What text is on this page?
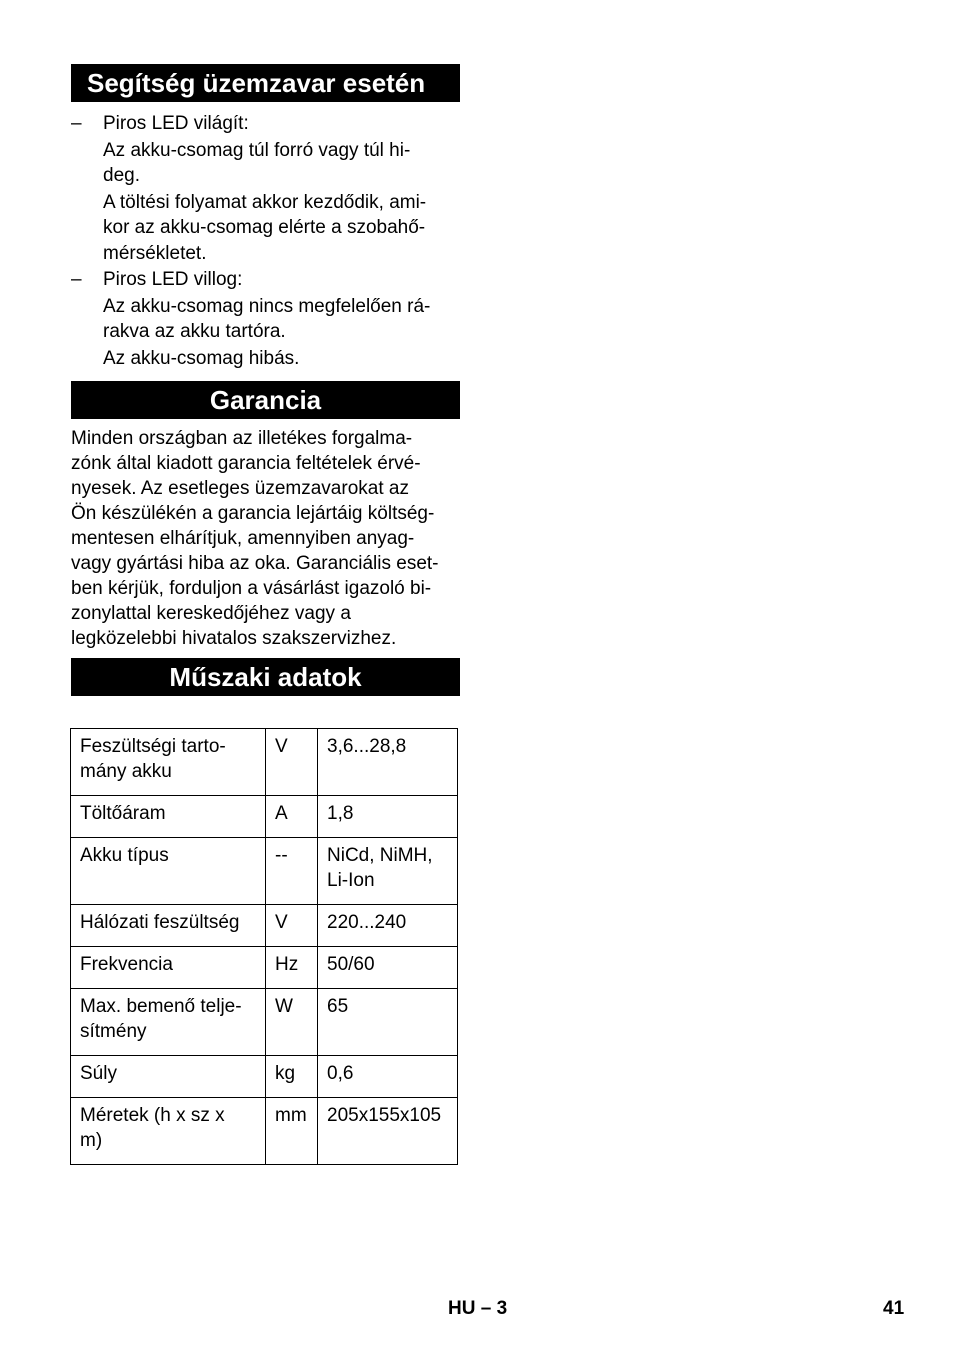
Segítség üzemzavar esetén
– Piros LED világít:
Az akku-csomag túl forró vagy túl hi-
deg.
A töltési folyamat akkor kezdődik, ami-
kor az akku-csomag elérte a szobahő-
mérsékletet.
– Piros LED villog:
Az akku-csomag nincs megfelelően rá-
rakva az akku tartóra.
Az akku-csomag hibás.
Garancia
Minden országban az illetékes forgalma-
zónk által kiadott garancia feltételek érvé-
nyesek. Az esetleges üzemzavarokat az
Ön készülékén a garancia lejártáig költség-
mentesen elhárítjuk, amennyiben anyag-
vagy gyártási hiba az oka. Garanciális eset-
ben kérjük, forduljon a vásárlást igazoló bi-
zonylattal kereskedőjéhez vagy a
legközelebbi hivatalos szakszervizhez.
Műszaki adatok
Feszültségi tarto-
mány akku	V	3,6...28,8

Töltőáram	A	1,8

Akku típus	--	NiCd, NiMH,
Li-Ion

Hálózati feszültség	V	220...240

Frekvencia	Hz	50/60

Max. bemenő telje-
sítmény	W	65

Súly	kg	0,6

Méretek (h x sz x
m)	mm	205x155x105
HU – 3	41
